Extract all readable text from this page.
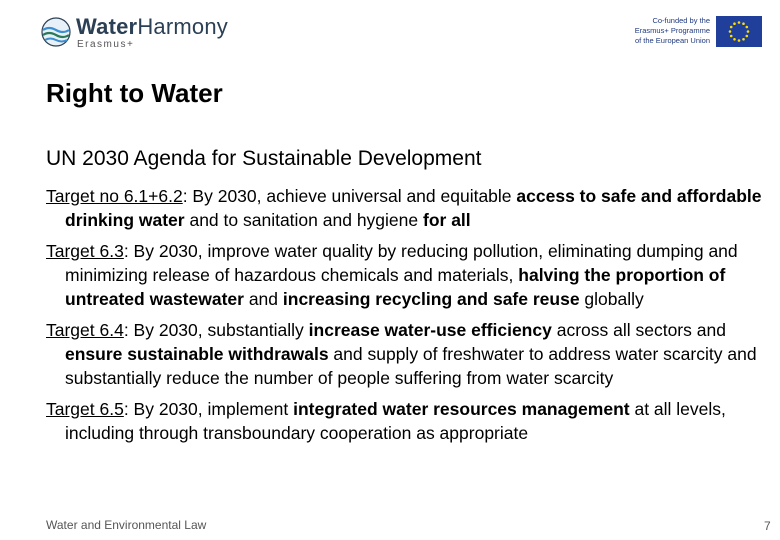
WaterHarmony
Erasmus+
Co-funded by the
Erasmus+ Programme
of the European Union
Right to Water
UN 2030 Agenda for Sustainable Development
Target no 6.1+6.2: By 2030, achieve universal and equitable access to safe and affordable drinking water and to sanitation and hygiene for all
Target 6.3: By 2030, improve water quality by reducing pollution, eliminating dumping and minimizing release of hazardous chemicals and materials, halving the proportion of untreated wastewater and increasing recycling and safe reuse globally
Target 6.4: By 2030, substantially increase water-use efficiency across all sectors and ensure sustainable withdrawals and supply of freshwater to address water scarcity and substantially reduce the number of people suffering from water scarcity
Target 6.5: By 2030, implement integrated water resources management at all levels, including through transboundary cooperation as appropriate
Water and Environmental Law	7
